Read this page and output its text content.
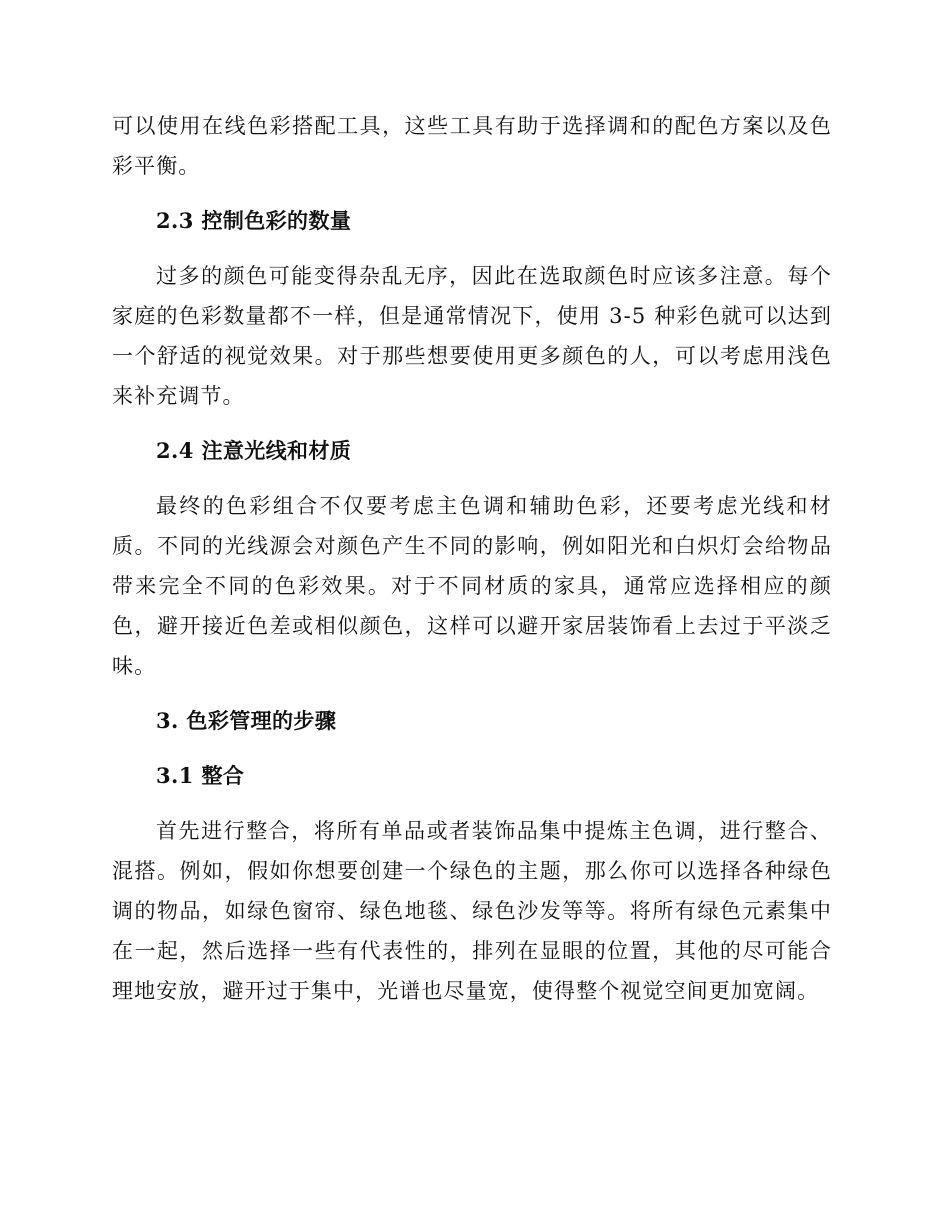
可以使用在线色彩搭配工具，这些工具有助于选择调和的配色方案以及色彩平衡。

2.3 控制色彩的数量

过多的颜色可能变得杂乱无序，因此在选取颜色时应该多注意。每个家庭的色彩数量都不一样，但是通常情况下，使用 3-5 种彩色就可以达到一个舒适的视觉效果。对于那些想要使用更多颜色的人，可以考虑用浅色来补充调节。

2.4 注意光线和材质

最终的色彩组合不仅要考虑主色调和辅助色彩，还要考虑光线和材质。不同的光线源会对颜色产生不同的影响，例如阳光和白炽灯会给物品带来完全不同的色彩效果。对于不同材质的家具，通常应选择相应的颜色，避开接近色差或相似颜色，这样可以避开家居装饰看上去过于平淡乏味。

3. 色彩管理的步骤
3.1 整合

首先进行整合，将所有单品或者装饰品集中提炼主色调，进行整合、混搭。例如，假如你想要创建一个绿色的主题，那么你可以选择各种绿色调的物品，如绿色窗帘、绿色地毯、绿色沙发等等。将所有绿色元素集中在一起，然后选择一些有代表性的，排列在显眼的位置，其他的尽可能合理地安放，避开过于集中，光谱也尽量宽，使得整个视觉空间更加宽阔。
